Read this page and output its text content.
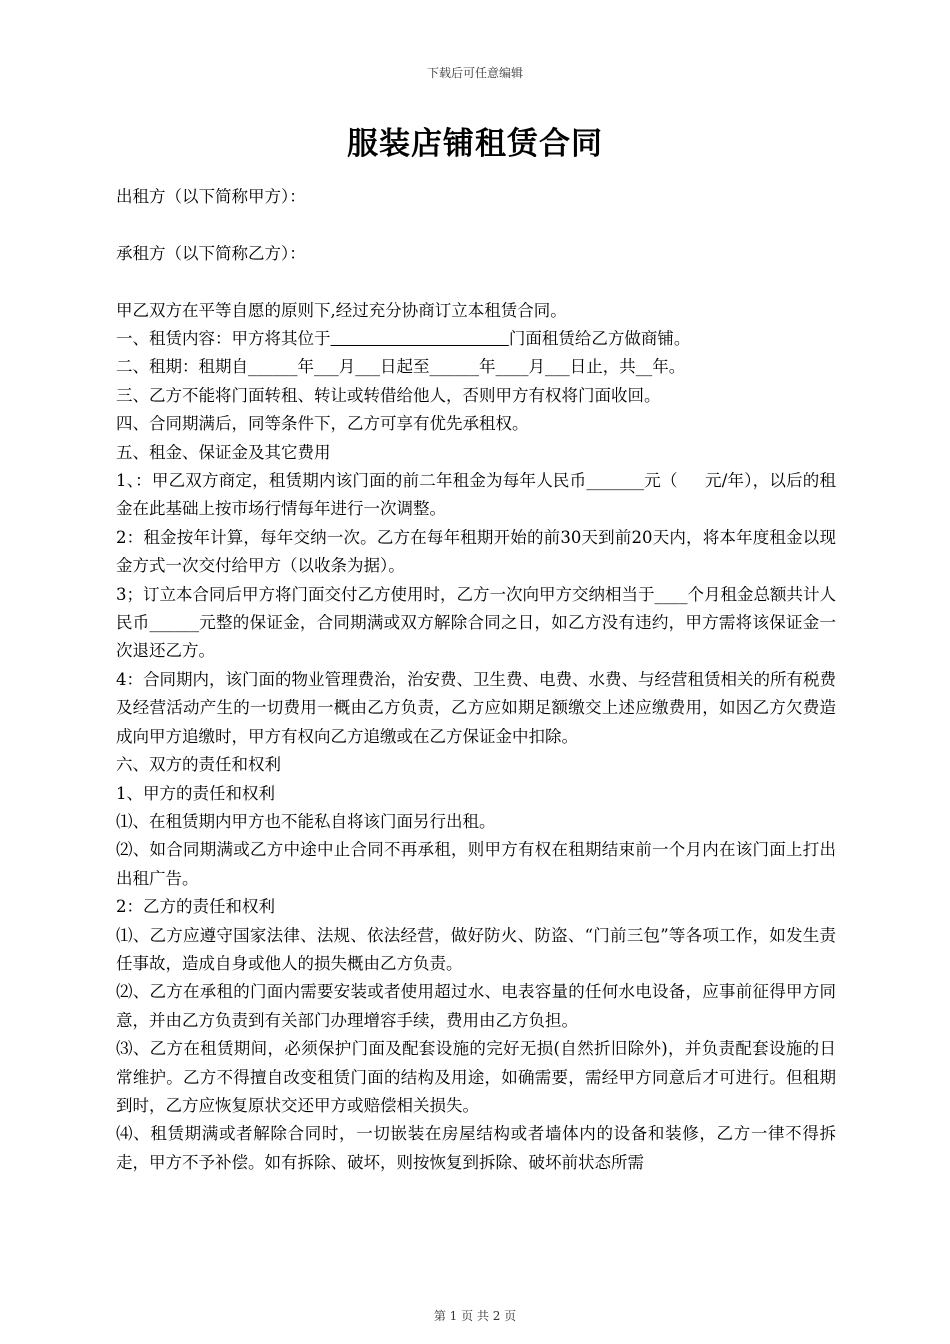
下载后可任意编辑
服装店铺租赁合同

出租方（以下简称甲方）：

承租方（以下简称乙方）：

甲乙双方在平等自愿的原则下,经过充分协商订立本租赁合同。

一、租赁内容：甲方将其位于	门面租赁给乙方做商铺。

二、租期：租期自______年___月___日起至______年____月___日止，共__年。

三、乙方不能将门面转租、转让或转借给他人，否则甲方有权将门面收回。

四、合同期满后，同等条件下，乙方可享有优先承租权。

五、租金、保证金及其它费用

1、：甲乙双方商定，租赁期内该门面的前二年租金为每年人民币_______元（     元/年），以后的租金在此基础上按市场行情每年进行一次调整。

2：租金按年计算，每年交纳一次。乙方在每年租期开始的前30天到前20天内，将本年度租金以现金方式一次交付给甲方（以收条为据）。

3；订立本合同后甲方将门面交付乙方使用时，乙方一次向甲方交纳相当于____个月租金总额共计人民币______元整的保证金，合同期满或双方解除合同之日，如乙方没有违约，甲方需将该保证金一次退还乙方。

4：合同期内，该门面的物业管理费治，治安费、卫生费、电费、水费、与经营租赁相关的所有税费及经营活动产生的一切费用一概由乙方负责，乙方应如期足额缴交上述应缴费用，如因乙方欠费造成向甲方追缴时，甲方有权向乙方追缴或在乙方保证金中扣除。

六、双方的责任和权利

1、甲方的责任和权利

⑴、在租赁期内甲方也不能私自将该门面另行出租。

⑵、如合同期满或乙方中途中止合同不再承租，则甲方有权在租期结束前一个月内在该门面上打出出租广告。

2：乙方的责任和权利

⑴、乙方应遵守国家法律、法规、依法经营，做好防火、防盗、“门前三包”等各项工作，如发生责任事故，造成自身或他人的损失概由乙方负责。

⑵、乙方在承租的门面内需要安装或者使用超过水、电表容量的任何水电设备，应事前征得甲方同意，并由乙方负责到有关部门办理增容手续，费用由乙方负担。

⑶、乙方在租赁期间，必须保护门面及配套设施的完好无损(自然折旧除外)，并负责配套设施的日常维护。乙方不得擅自改变租赁门面的结构及用途，如确需要，需经甲方同意后才可进行。但租期到时，乙方应恢复原状交还甲方或赔偿相关损失。

⑷、租赁期满或者解除合同时，一切嵌装在房屋结构或者墙体内的设备和装修，乙方一律不得拆走，甲方不予补偿。如有拆除、破坏，则按恢复到拆除、破坏前状态所需

第 1 页 共 2 页
